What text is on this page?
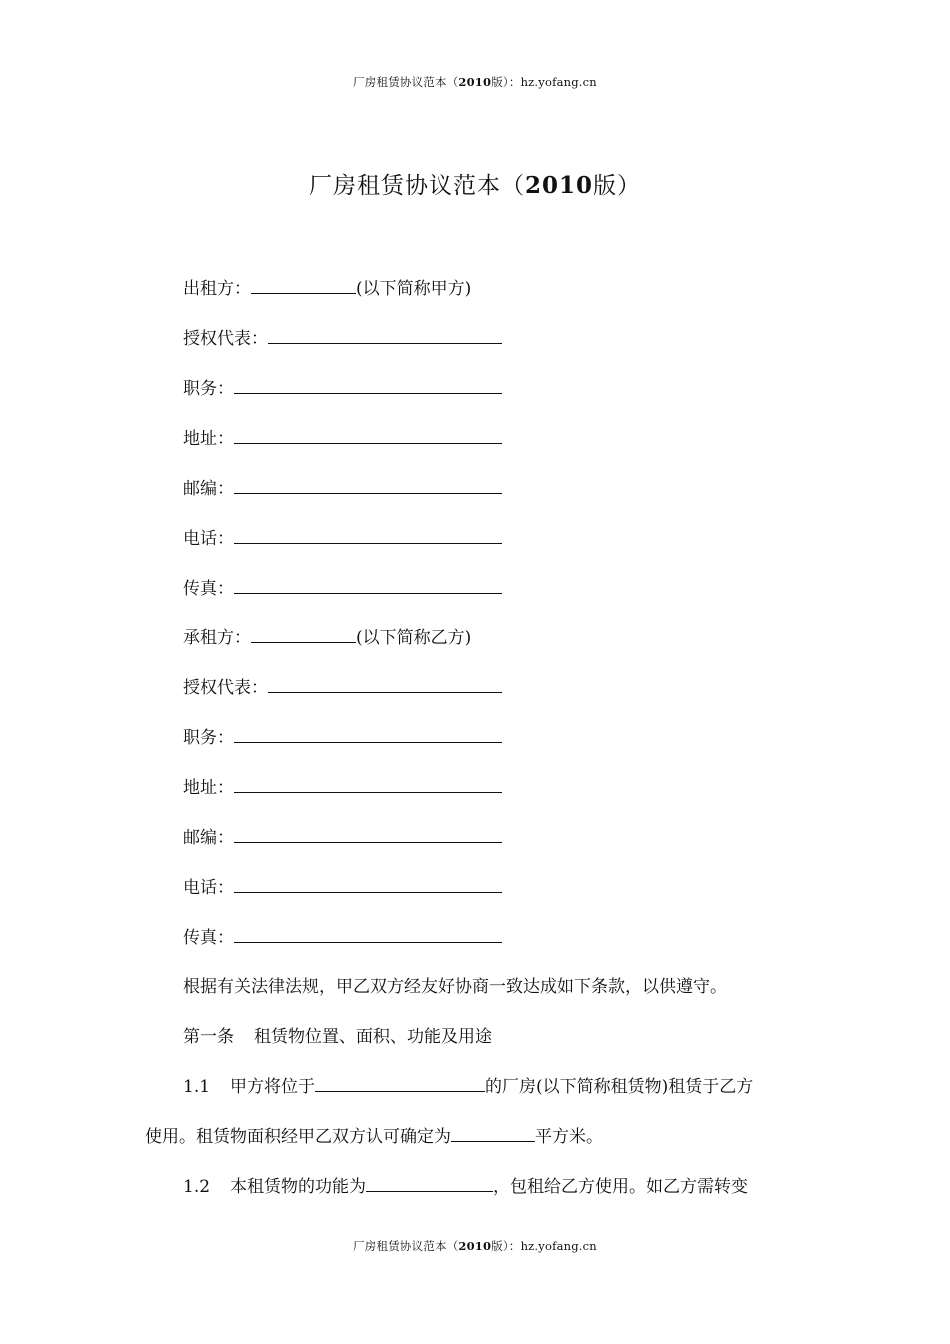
厂房租赁协议范本（2010版）：hz.yofang.cn
厂房租赁协议范本（2010版）
出租方：	(以下简称甲方)
授权代表：
职务：
地址：
邮编：
电话：
传真：
承租方：	(以下简称乙方)
授权代表：
职务：
地址：
邮编：
电话：
传真：
根据有关法律法规，甲乙双方经友好协商一致达成如下条款，以供遵守。
第一条 租赁物位置、面积、功能及用途
1.1 甲方将位于	的厂房(以下简称租赁物)租赁于乙方
使用。租赁物面积经甲乙双方认可确定为	平方米。
1.2 本租赁物的功能为	，包租给乙方使用。如乙方需转变
厂房租赁协议范本（2010版）：hz.yofang.cn
